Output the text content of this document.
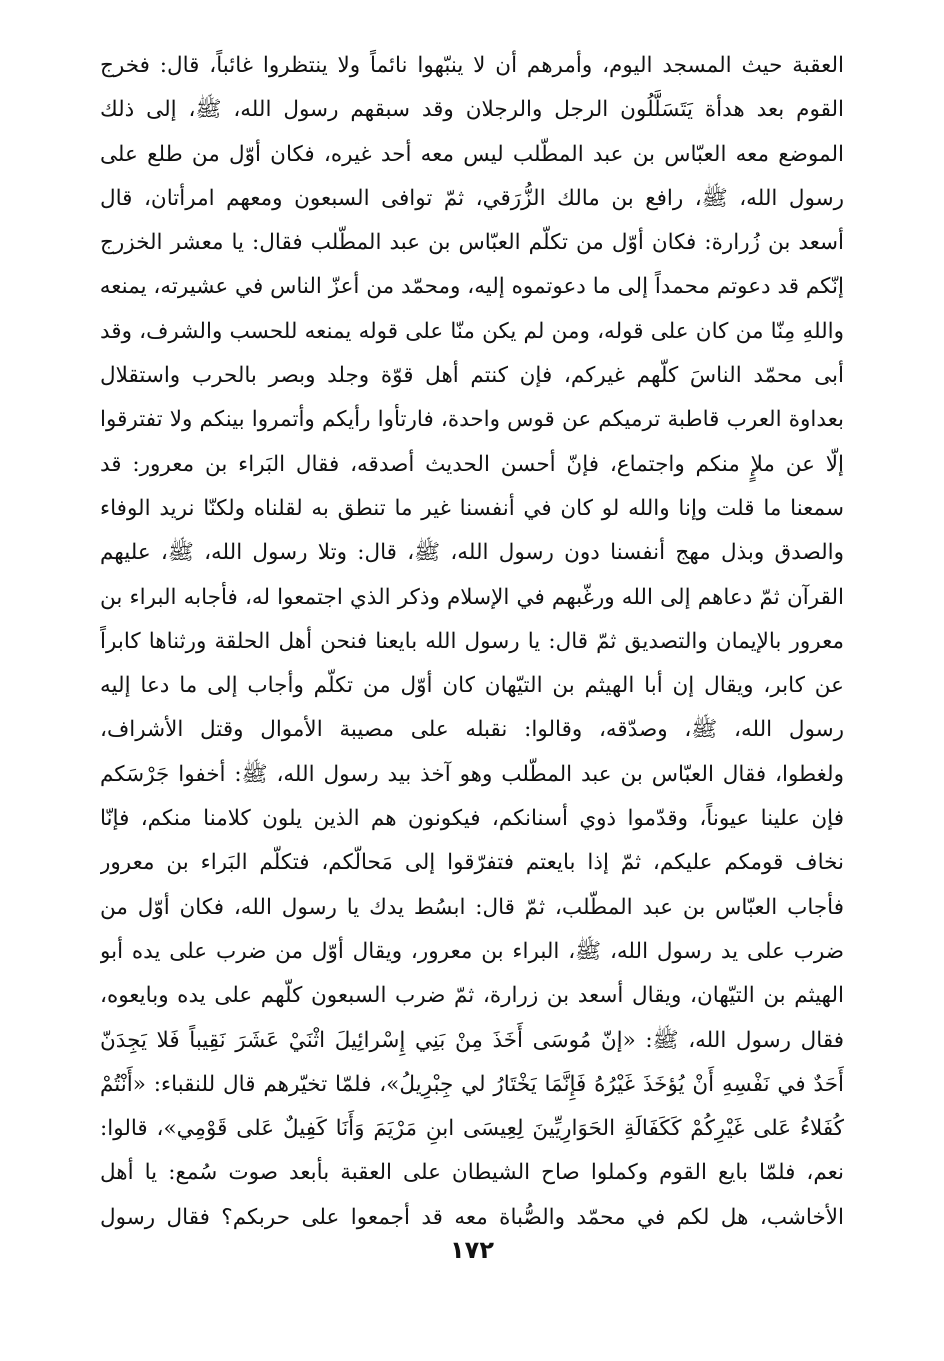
العقبة حيث المسجد اليوم، وأمرهم أن لا ينبّهوا نائماً ولا ينتظروا غائباً، قال: فخرج
القوم بعد هدأة يَتَسَلَّلُون الرجل والرجلان وقد سبقهم رسول الله، ﷺ، إلى ذلك
الموضع معه العبّاس بن عبد المطّلب ليس معه أحد غيره، فكان أوّل من طلع على
رسول الله، ﷺ، رافع بن مالك الزُّرَقي، ثمّ توافى السبعون ومعهم امرأتان، قال
أسعد بن زُرارة: فكان أوّل من تكلّم العبّاس بن عبد المطّلب فقال: يا معشر الخزرج
إنّكم قد دعوتم محمداً إلى ما دعوتموه إليه، ومحمّد من أعزّ الناس في عشيرته، يمنعه
واللهِ مِنّا من كان على قوله، ومن لم يكن منّا على قوله يمنعه للحسب والشرف، وقد
أبى محمّد الناسَ كلّهم غيركم، فإن كنتم أهل قوّة وجلد وبصر بالحرب واستقلال
بعداوة العرب قاطبة ترميكم عن قوس واحدة، فارتأوا رأيكم وأتمروا بينكم ولا تفترقوا
إلّا عن ملإٍ منكم واجتماع، فإنّ أحسن الحديث أصدقه، فقال البَراء بن معرور: قد
سمعنا ما قلت وإنا والله لو كان في أنفسنا غير ما تنطق به لقلناه ولكنّا نريد الوفاء
والصدق وبذل مهج أنفسنا دون رسول الله، ﷺ، قال: وتلا رسول الله، ﷺ، عليهم
القرآن ثمّ دعاهم إلى الله ورغّبهم في الإسلام وذكر الذي اجتمعوا له، فأجابه البراء بن
معرور بالإيمان والتصديق ثمّ قال: يا رسول الله بايعنا فنحن أهل الحلقة ورثناها كابراً
عن كابر، ويقال إن أبا الهيثم بن التيّهان كان أوّل من تكلّم وأجاب إلى ما دعا إليه
رسول الله، ﷺ، وصدّقه، وقالوا: نقبله على مصيبة الأموال وقتل الأشراف،
ولغطوا، فقال العبّاس بن عبد المطّلب وهو آخذ بيد رسول الله، ﷺ: أخفوا جَرْسَكم
فإن علينا عيوناً، وقدّموا ذوي أسنانكم، فيكونون هم الذين يلون كلامنا منكم، فإنّا
نخاف قومكم عليكم، ثمّ إذا بايعتم فتفرّقوا إلى مَحالّكم، فتكلّم البَراء بن معرور
فأجاب العبّاس بن عبد المطّلب، ثمّ قال: ابسُط يدك يا رسول الله، فكان أوّل من
ضرب على يد رسول الله، ﷺ، البراء بن معرور، ويقال أوّل من ضرب على يده أبو
الهيثم بن التيّهان، ويقال أسعد بن زرارة، ثمّ ضرب السبعون كلّهم على يده وبايعوه،
فقال رسول الله، ﷺ: «إنّ مُوسَى أَخَذَ مِنْ بَنِي إِسْرائِيلَ اثْنَيْ عَشَرَ نَقِيباً فَلا يَجِدَنّ
أَحَدٌ في نَفْسِهِ أَنْ يُؤخَذَ غَيْرُهُ فَإِنَّمَا يَخْتَارُ لي جِبْرِيلُ»، فلمّا تخيّرهم قال للنقباء: «أَنْتُمْ
كُفَلاءُ عَلى غَيْرِكُمْ كَكَفَالَةِ الحَوَارِيِّينَ لِعِيسَى ابنِ مَرْيَمَ وَأَنَا كَفِيلٌ عَلى قَوْمِي»، قالوا:
نعم، فلمّا بايع القوم وكملوا صاح الشيطان على العقبة بأبعد صوت سُمع: يا أهل
الأخاشب، هل لكم في محمّد والصُّباة معه قد أجمعوا على حربكم؟ فقال رسول
١٧٢
